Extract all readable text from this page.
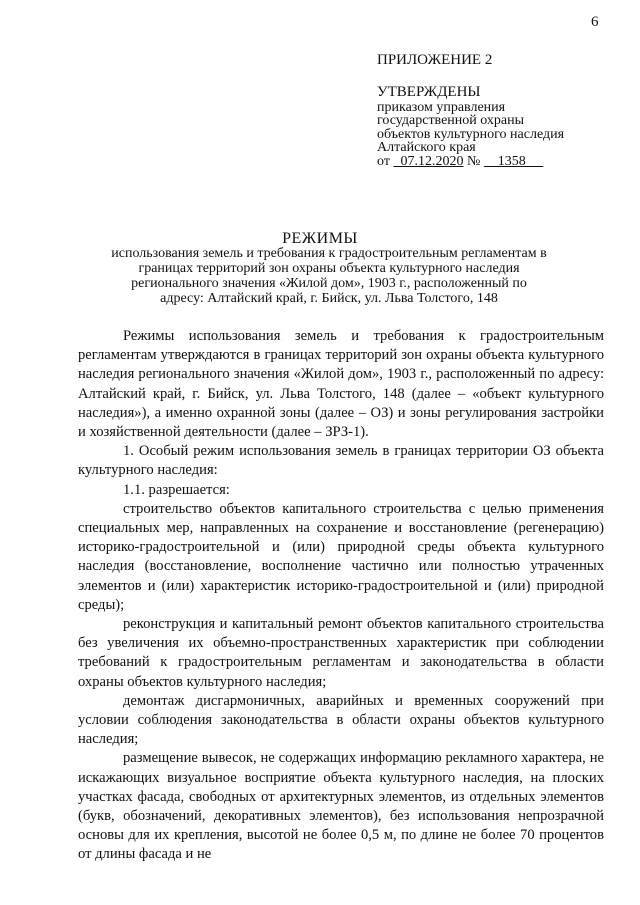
6
ПРИЛОЖЕНИЕ 2
УТВЕРЖДЕНЫ
приказом управления
государственной охраны
объектов культурного наследия
Алтайского края
от   07.12.2020 №     1358
РЕЖИМЫ
использования земель и требования к градостроительным регламентам в границах территорий зон охраны объекта культурного наследия регионального значения «Жилой дом», 1903 г., расположенный по адресу: Алтайский край, г. Бийск, ул. Льва Толстого, 148

Режимы использования земель и требования к градостроительным регламентам утверждаются в границах территорий зон охраны объекта культурного наследия регионального значения «Жилой дом», 1903 г., расположенный по адресу: Алтайский край, г. Бийск, ул. Льва Толстого, 148 (далее – «объект культурного наследия»), а именно охранной зоны (далее – ОЗ) и зоны регулирования застройки и хозяйственной деятельности (далее – ЗРЗ-1).

1. Особый режим использования земель в границах территории ОЗ объекта культурного наследия:

1.1. разрешается:

строительство объектов капитального строительства с целью применения специальных мер, направленных на сохранение и восстановление (регенерацию) историко-градостроительной и (или) природной среды объекта культурного наследия (восстановление, восполнение частично или полностью утраченных элементов и (или) характеристик историко-градостроительной и (или) природной среды);

реконструкция и капитальный ремонт объектов капитального строительства без увеличения их объемно-пространственных характеристик при соблюдении требований к градостроительным регламентам и законодательства в области охраны объектов культурного наследия;

демонтаж дисгармоничных, аварийных и временных сооружений при условии соблюдения законодательства в области охраны объектов культурного наследия;

размещение вывесок, не содержащих информацию рекламного характера, не искажающих визуальное восприятие объекта культурного наследия, на плоских участках фасада, свободных от архитектурных элементов, из отдельных элементов (букв, обозначений, декоративных элементов), без использования непрозрачной основы для их крепления, высотой не более 0,5 м, по длине не более 70 процентов от длины фасада и не
